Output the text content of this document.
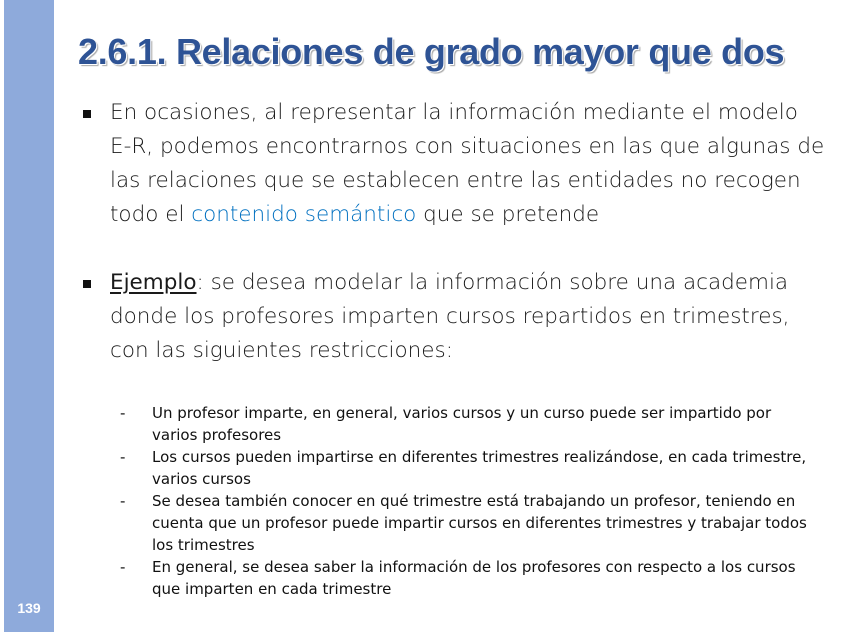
139
2.6.1. Relaciones de grado mayor que dos
En ocasiones, al representar la información mediante el modelo E-R, podemos encontrarnos con situaciones en las que algunas de las relaciones que se establecen entre las entidades no recogen todo el contenido semántico que se pretende
Ejemplo: se desea modelar la información sobre una academia donde los profesores imparten cursos repartidos en trimestres, con las siguientes restricciones:
- Un profesor imparte, en general, varios cursos y un curso puede ser impartido por varios profesores
- Los cursos pueden impartirse en diferentes trimestres realizándose, en cada trimestre, varios cursos
- Se desea también conocer en qué trimestre está trabajando un profesor, teniendo en cuenta que un profesor puede impartir cursos en diferentes trimestres y trabajar todos los trimestres
- En general, se desea saber la información de los profesores con respecto a los cursos que imparten en cada trimestre
